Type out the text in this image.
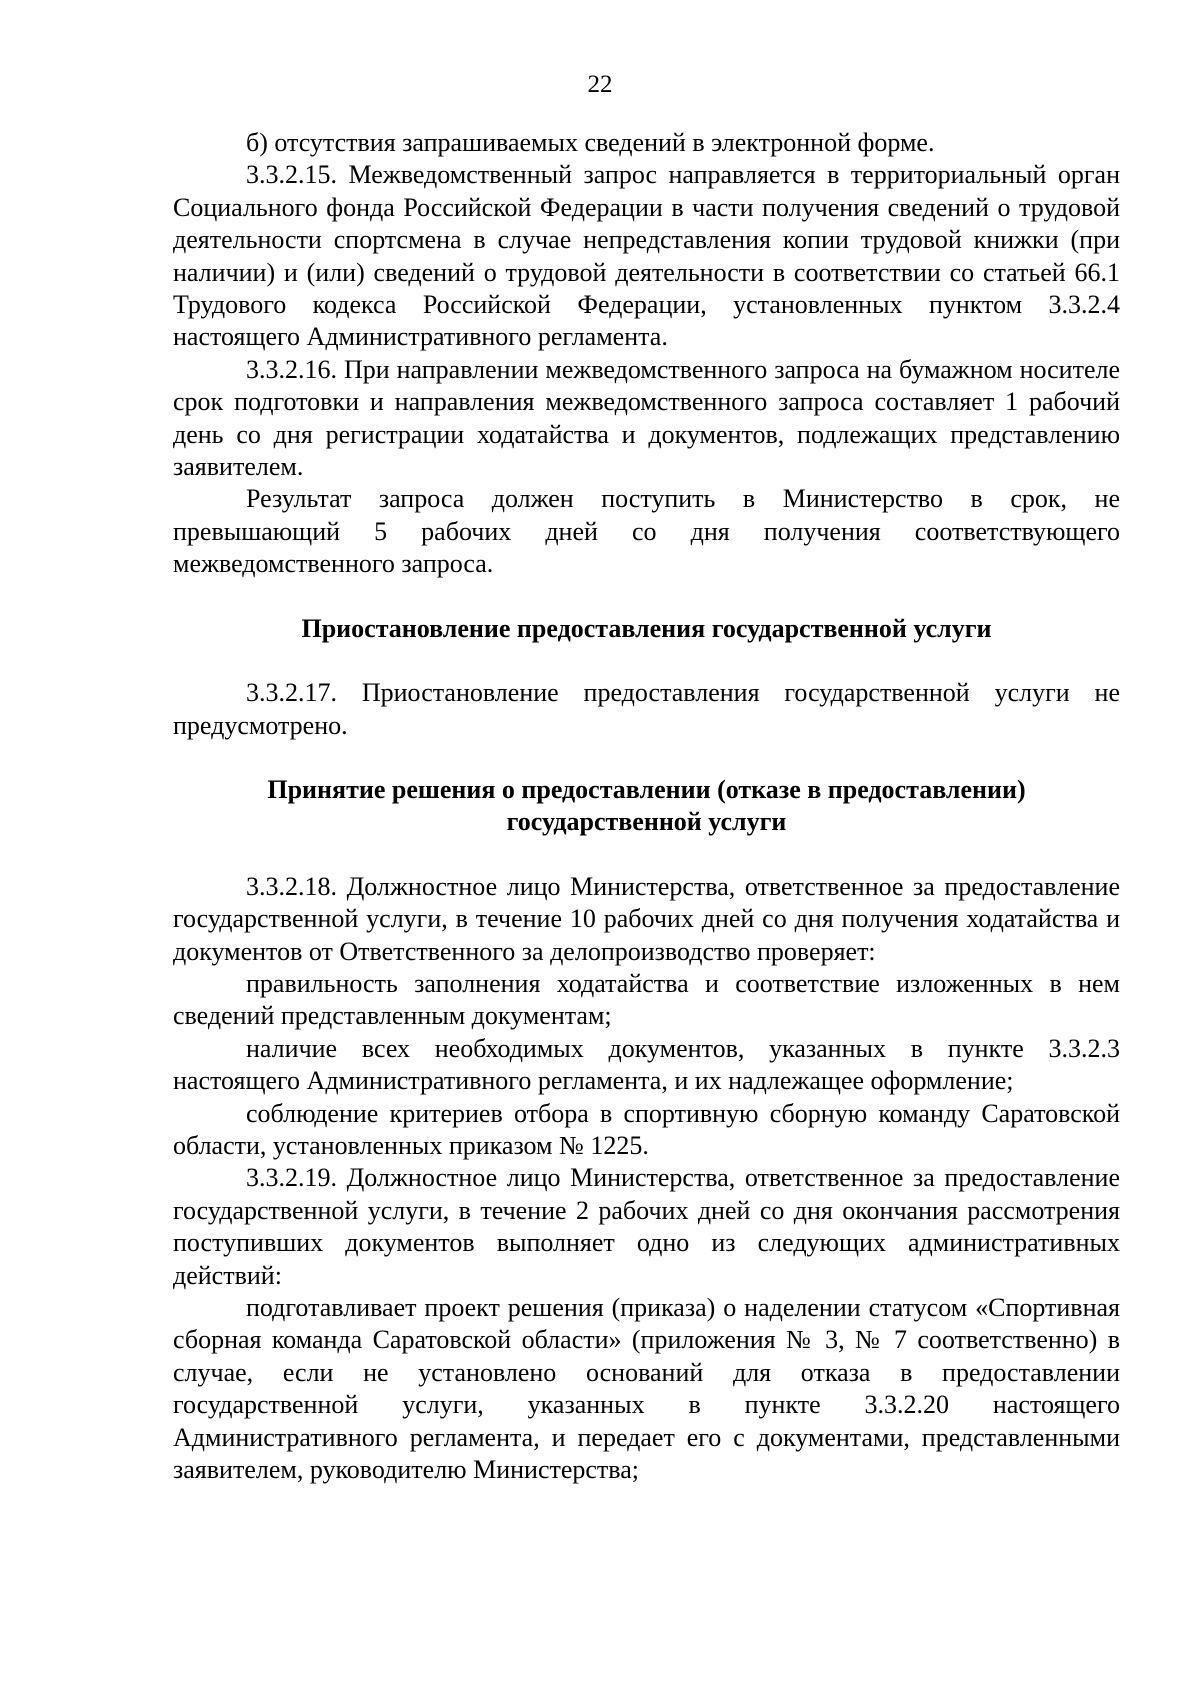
22

б) отсутствия запрашиваемых сведений в электронной форме.

3.3.2.15. Межведомственный запрос направляется в территориальный орган Социального фонда Российской Федерации в части получения сведений о трудовой деятельности спортсмена в случае непредставления копии трудовой книжки (при наличии) и (или) сведений о трудовой деятельности в соответствии со статьей 66.1 Трудового кодекса Российской Федерации, установленных пунктом 3.3.2.4 настоящего Административного регламента.

3.3.2.16. При направлении межведомственного запроса на бумажном носителе срок подготовки и направления межведомственного запроса составляет 1 рабочий день со дня регистрации ходатайства и документов, подлежащих представлению заявителем.

Результат запроса должен поступить в Министерство в срок, не превышающий 5 рабочих дней со дня получения соответствующего межведомственного запроса.

Приостановление предоставления государственной услуги

3.3.2.17. Приостановление предоставления государственной услуги не предусмотрено.

Принятие решения о предоставлении (отказе в предоставлении)
государственной услуги

3.3.2.18. Должностное лицо Министерства, ответственное за предоставление государственной услуги, в течение 10 рабочих дней со дня получения ходатайства и документов от Ответственного за делопроизводство проверяет:

правильность заполнения ходатайства и соответствие изложенных в нем сведений представленным документам;

наличие всех необходимых документов, указанных в пункте 3.3.2.3 настоящего Административного регламента, и их надлежащее оформление;

соблюдение критериев отбора в спортивную сборную команду Саратовской области, установленных приказом № 1225.

3.3.2.19. Должностное лицо Министерства, ответственное за предоставление государственной услуги, в течение 2 рабочих дней со дня окончания рассмотрения поступивших документов выполняет одно из следующих административных действий:

подготавливает проект решения (приказа) о наделении статусом «Спортивная сборная команда Саратовской области» (приложения № 3, № 7 соответственно) в случае, если не установлено оснований для отказа в предоставлении государственной услуги, указанных в пункте 3.3.2.20 настоящего Административного регламента, и передает его с документами, представленными заявителем, руководителю Министерства;
